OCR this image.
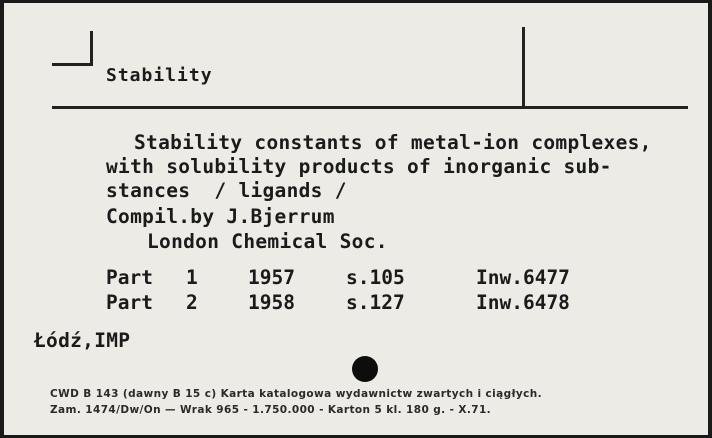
Stability
Stability constants of metal-ion complexes,
with solubility products of inorganic sub-
stances  / ligands /
Compil.by J.Bjerrum
London Chemical Soc.
Part 1	1957	s.105	Inw.6477
Part 2	1958	s.127	Inw.6478
Łódź,IMP
CWD B 143 (dawny B 15 c) Karta katalogowa wydawnictw zwartych i ciągłych.
Zam. 1474/Dw/On — Wrak 965 - 1.750.000 - Karton 5 kl. 180 g. - X.71.
